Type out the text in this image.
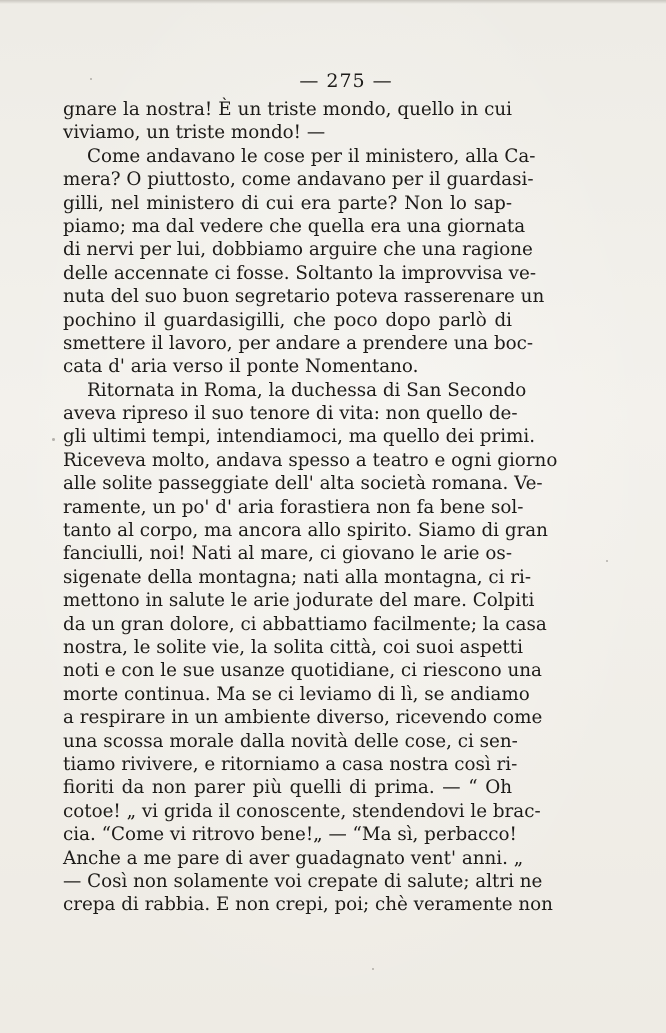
— 275 —
gnare la nostra! È un triste mondo, quello in cui
viviamo, un triste mondo! —
Come andavano le cose per il ministero, alla Ca-
mera? O piuttosto, come andavano per il guardasi-
gilli, nel ministero di cui era parte? Non lo sap-
piamo; ma dal vedere che quella era una giornata
di nervi per lui, dobbiamo arguire che una ragione
delle accennate ci fosse. Soltanto la improvvisa ve-
nuta del suo buon segretario poteva rasserenare un
pochino il guardasigilli, che poco dopo parlò di
smettere il lavoro, per andare a prendere una boc-
cata d' aria verso il ponte Nomentano.
Ritornata in Roma, la duchessa di San Secondo
aveva ripreso il suo tenore di vita: non quello de-
gli ultimi tempi, intendiamoci, ma quello dei primi.
Riceveva molto, andava spesso a teatro e ogni giorno
alle solite passeggiate dell' alta società romana. Ve-
ramente, un po' d' aria forastiera non fa bene sol-
tanto al corpo, ma ancora allo spirito. Siamo di gran
fanciulli, noi! Nati al mare, ci giovano le arie os-
sigenate della montagna; nati alla montagna, ci ri-
mettono in salute le arie jodurate del mare. Colpiti
da un gran dolore, ci abbattiamo facilmente; la casa
nostra, le solite vie, la solita città, coi suoi aspetti
noti e con le sue usanze quotidiane, ci riescono una
morte continua. Ma se ci leviamo di lì, se andiamo
a respirare in un ambiente diverso, ricevendo come
una scossa morale dalla novità delle cose, ci sen-
tiamo rivivere, e ritorniamo a casa nostra così ri-
fioriti da non parer più quelli di prima. — “ Oh
cotoe! „ vi grida il conoscente, stendendovi le brac-
cia. “Come vi ritrovo bene!„ — “Ma sì, perbacco!
Anche a me pare di aver guadagnato vent' anni. „
— Così non solamente voi crepate di salute; altri ne
crepa di rabbia. E non crepi, poi; chè veramente non
